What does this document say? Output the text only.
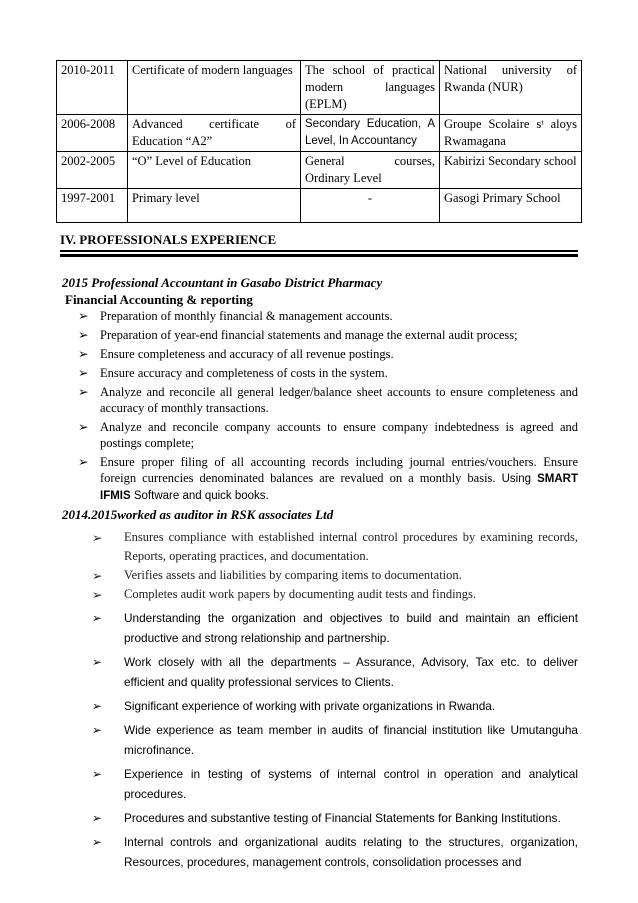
2010-2011	Certificate of modern languages	The school of practical modern languages (EPLM)	National university of Rwanda (NUR)
2006-2008	Advanced certificate of Education “A2”	Secondary Education, A Level, In Accountancy	Groupe Scolaire sᵗ aloys Rwamagana
2002-2005	“O” Level of Education	General courses, Ordinary Level	Kabirizi Secondary school
1997-2001	Primary level	-	Gasogi Primary School
IV. PROFESSIONALS EXPERIENCE
2015 Professional Accountant in Gasabo District Pharmacy
Financial Accounting & reporting
➢ Preparation of monthly financial & management accounts.
➢ Preparation of year-end financial statements and manage the external audit process;
➢ Ensure completeness and accuracy of all revenue postings.
➢ Ensure accuracy and completeness of costs in the system.
➢ Analyze and reconcile all general ledger/balance sheet accounts to ensure completeness and accuracy of monthly transactions.
➢ Analyze and reconcile company accounts to ensure company indebtedness is agreed and postings complete;
➢ Ensure proper filing of all accounting records including journal entries/vouchers. Ensure foreign currencies denominated balances are revalued on a monthly basis. Using SMART IFMIS Software and quick books.
2014.2015worked as auditor in RSK associates Ltd
➢ Ensures compliance with established internal control procedures by examining records, Reports, operating practices, and documentation.
➢ Verifies assets and liabilities by comparing items to documentation.
➢ Completes audit work papers by documenting audit tests and findings.
➢ Understanding the organization and objectives to build and maintain an efficient productive and strong relationship and partnership.
➢ Work closely with all the departments – Assurance, Advisory, Tax etc. to deliver efficient and quality professional services to Clients.
➢ Significant experience of working with private organizations in Rwanda.
➢ Wide experience as team member in audits of financial institution like Umutanguha microfinance.
➢ Experience in testing of systems of internal control in operation and analytical procedures.
➢ Procedures and substantive testing of Financial Statements for Banking Institutions.
➢ Internal controls and organizational audits relating to the structures, organization, Resources, procedures, management controls, consolidation processes and
